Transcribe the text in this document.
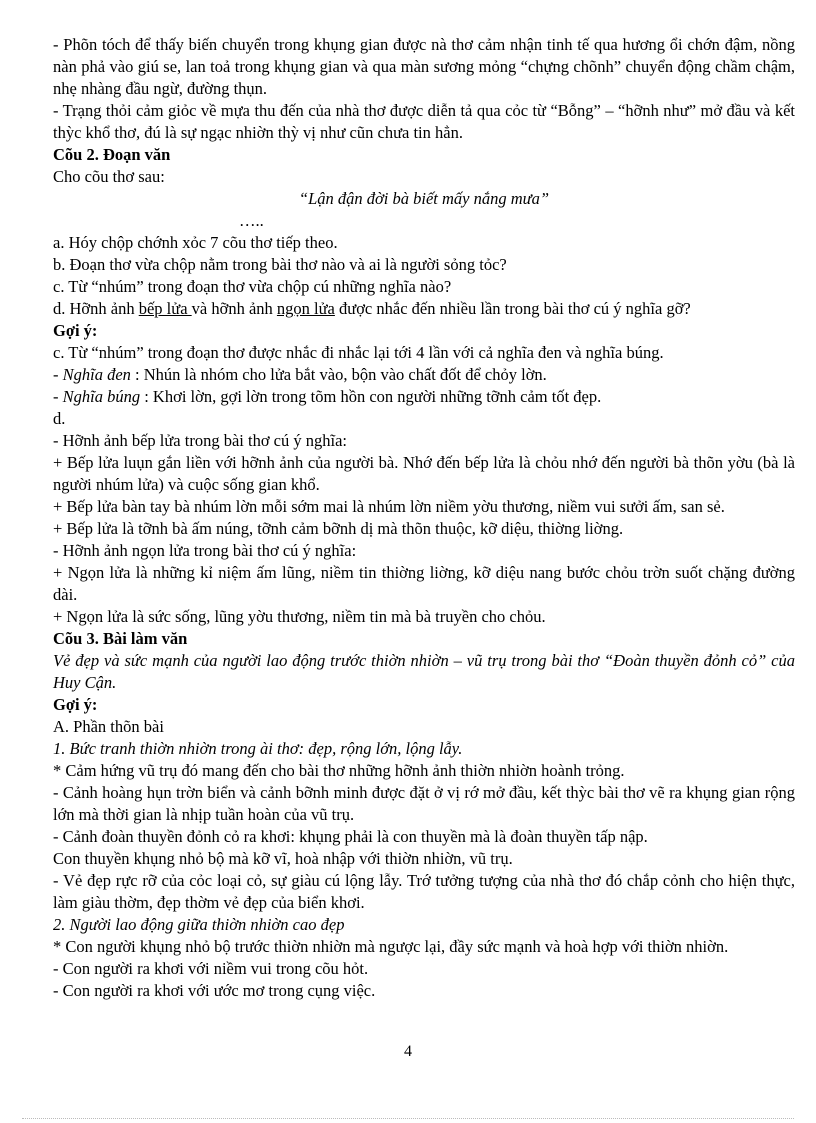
- Phõn tóch để thấy biến chuyển trong khụng gian được nà thơ cảm nhận tinh tế qua hương ổi chớn đậm, nồng nàn phả vào giú se, lan toả trong khụng gian và qua màn sương mỏng “chựng chõnh” chuyển động chầm chậm, nhẹ nhàng đầu ngừ, đường thụn.

- Trạng thỏi cảm giỏc về mựa thu đến của nhà thơ được diễn tả qua cỏc từ “Bỗng” – “hỡnh như” mở đầu và kết thỳc khổ thơ, đú là sự ngạc nhiờn thỳ vị như cũn chưa tin hẳn.

Cõu 2. Đoạn văn

Cho cõu thơ sau:

“Lận đận đời bà biết mấy nắng mưa”

…..

a. Hóy chộp chớnh xỏc 7 cõu thơ tiếp theo.

b. Đoạn thơ vừa chộp nằm trong bài thơ nào và ai là người sỏng tỏc?

c. Từ “nhúm” trong đoạn thơ vừa chộp cú những nghĩa nào?

d. Hỡnh ảnh bếp lửa và hỡnh ảnh ngọn lửa được nhắc đến nhiều lần trong bài thơ cú ý nghĩa gỡ?

Gợi ý:

c. Từ “nhúm” trong đoạn thơ được nhắc đi nhắc lại tới 4 lần với cả nghĩa đen và nghĩa búng.

- Nghĩa đen : Nhún là nhóm cho lửa bắt vào, bộn vào chất đốt để chỏy lờn.

- Nghĩa búng : Khơi lờn, gợi lờn trong tõm hồn con người những tỡnh cảm tốt đẹp.

d.

- Hỡnh ảnh bếp lửa trong bài thơ cú ý nghĩa:

+ Bếp lửa luụn gắn liền với hỡnh ảnh của người bà. Nhớ đến bếp lửa là chỏu nhớ đến người bà thõn yờu (bà là người nhúm lửa) và cuộc sống gian khổ.

+ Bếp lửa bàn tay bà nhúm lờn mỗi sớm mai là nhúm lờn niềm yờu thương, niềm vui sưởi ấm, san sẻ.

+ Bếp lửa là tỡnh bà ấm núng, tỡnh cảm bỡnh dị mà thõn thuộc, kỡ diệu, thiờng liờng.

- Hỡnh ảnh ngọn lửa trong bài thơ cú ý nghĩa:

+ Ngọn lửa là những kỉ niệm ấm lũng, niềm tin thiờng liờng, kỡ diệu nang bước chỏu trờn suốt chặng đường dài.

+ Ngọn lửa là sức sống, lũng yờu thương, niềm tin mà bà truyền cho chỏu.

Cõu 3. Bài làm văn

Vẻ đẹp và sức mạnh của người lao động trước thiờn nhiờn – vũ trụ trong bài thơ “Đoàn thuyền đỏnh cỏ” của Huy Cận.

Gợi ý:

A. Phần thõn bài

1. Bức tranh thiờn nhiờn trong ài thơ: đẹp, rộng lớn, lộng lẫy.

* Cảm hứng vũ trụ đó mang đến cho bài thơ những hỡnh ảnh thiờn nhiờn hoành trỏng.

- Cảnh hoàng hụn trờn biển và cảnh bỡnh minh được đặt ở vị rớ mở đầu, kết thỳc bài thơ vẽ ra khụng gian rộng lớn mà thời gian là nhịp tuần hoàn của vũ trụ.

- Cảnh đoàn thuyền đỏnh cỏ ra khơi: khụng phải là con thuyền mà là đoàn thuyền tấp nập.

Con thuyền khụng nhỏ bộ mà kỡ vĩ, hoà nhập với thiờn nhiờn, vũ trụ.

- Vẻ đẹp rực rỡ của cỏc loại cỏ, sự giàu cú lộng lẫy. Trớ tưởng tượng của nhà thơ đó chắp cỏnh cho hiện thực, làm giàu thờm, đẹp thờm vẻ đẹp của biển khơi.

2. Người lao động giữa thiờn nhiờn cao đẹp

* Con người khụng nhỏ bộ trước thiờn nhiờn mà ngược lại, đầy sức mạnh và hoà hợp với thiờn nhiờn.

- Con người ra khơi với niềm vui trong cõu hỏt.

- Con người ra khơi với ước mơ trong cụng việc.

4
